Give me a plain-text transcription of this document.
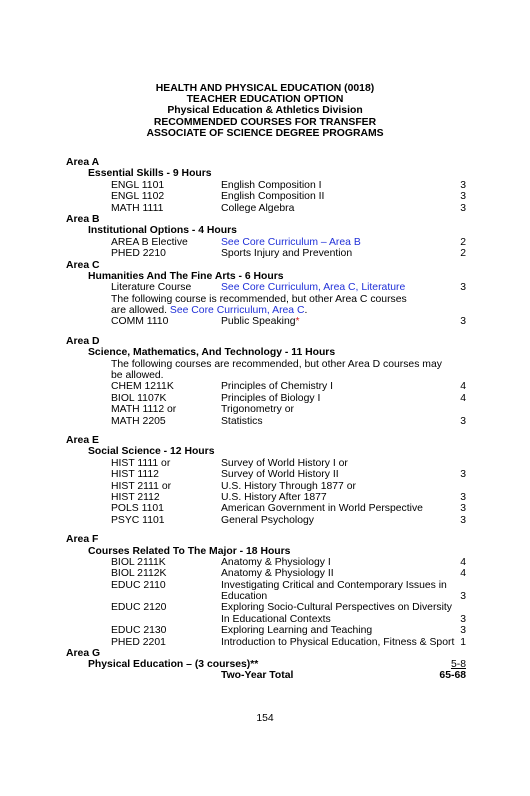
HEALTH AND PHYSICAL EDUCATION (0018)
TEACHER EDUCATION OPTION
Physical Education & Athletics Division
RECOMMENDED COURSES FOR TRANSFER
ASSOCIATE OF SCIENCE DEGREE PROGRAMS
Area A
Essential Skills - 9 Hours
ENGL 1101	English Composition I	3
ENGL 1102	English Composition II	3
MATH 1111	College Algebra	3
Area B
Institutional Options - 4 Hours
AREA B Elective	See Core Curriculum – Area B	2
PHED 2210	Sports Injury and Prevention	2
Area C
Humanities And The Fine Arts - 6 Hours
Literature Course	See Core Curriculum, Area C, Literature	3
The following course is recommended, but other Area C courses
are allowed. See Core Curriculum, Area C.
COMM 1110	Public Speaking*	3
Area D
Science, Mathematics, And Technology - 11 Hours
The following courses are recommended, but other Area D courses may
be allowed.
CHEM 1211K	Principles of Chemistry I	4
BIOL 1107K	Principles of Biology I	4
MATH 1112 or	Trigonometry or
MATH 2205	Statistics	3
Area E
Social Science - 12 Hours
HIST 1111 or	Survey of World History I or
HIST 1112	Survey of World History II	3
HIST 2111 or	U.S. History Through 1877 or
HIST 2112	U.S. History After 1877	3
POLS 1101	American Government in World Perspective	3
PSYC 1101	General Psychology	3
Area F
Courses Related To The Major - 18 Hours
BIOL 2111K	Anatomy & Physiology I	4
BIOL 2112K	Anatomy & Physiology II	4
EDUC 2110	Investigating Critical and Contemporary Issues in
Education	3
EDUC 2120	Exploring Socio-Cultural Perspectives on Diversity
In Educational Contexts	3
EDUC 2130	Exploring Learning and Teaching	3
PHED 2201	Introduction to Physical Education, Fitness & Sport 1
Area G
Physical Education – (3 courses)**	5-8
Two-Year Total	65-68
154
